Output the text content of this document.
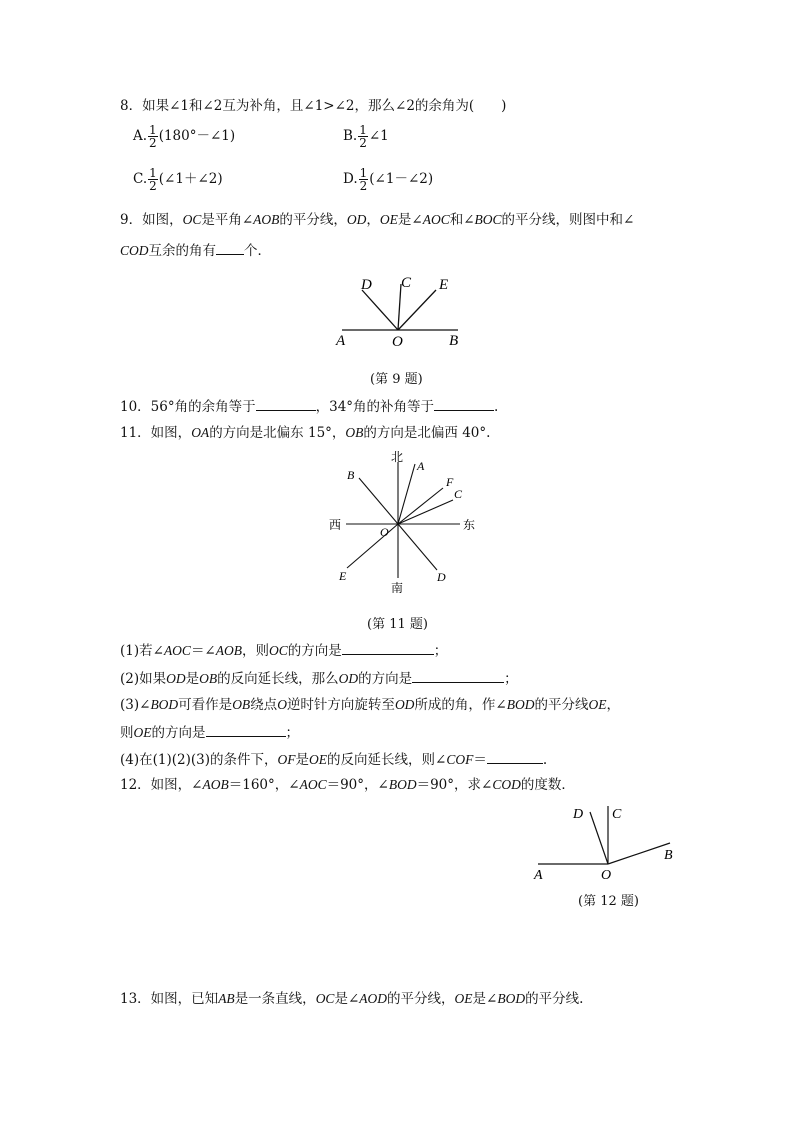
8．如果∠1和∠2互为补角，且∠1>∠2，那么∠2的余角为(　　)
A. $\frac{1}{2}$ (180°－∠1)	B. $\frac{1}{2}$ ∠1
C. $\frac{1}{2}$ (∠1＋∠2)	D. $\frac{1}{2}$ (∠1－∠2)
9．如图，OC是平角∠AOB的平分线，OD，OE是∠AOC和∠BOC的平分线，则图中和∠
COD互余的角有 个．
D C E
A	O	B
(第 9 题)
10．56°角的余角等于	，34°角的补角等于	.
11．如图，OA的方向是北偏东 15°，OB的方向是北偏西 40°.
北
南
西	东
A
B	F
C
D
E
O
(第 11 题)
(1)若∠AOC＝∠AOB，则OC的方向是	；
(2)如果OD是OB的反向延长线，那么OD的方向是	；
(3)∠BOD可看作是OB绕点O逆时针方向旋转至OD所成的角，作∠BOD的平分线OE，
则OE的方向是	；
(4)在(1)(2)(3)的条件下，OF是OE的反向延长线，则∠COF＝	.
12．如图，∠AOB＝160°，∠AOC＝90°，∠BOD＝90°，求∠COD的度数．
D C
B
A	O
(第 12 题)
13．如图，已知AB是一条直线，OC是∠AOD的平分线，OE是∠BOD的平分线.
